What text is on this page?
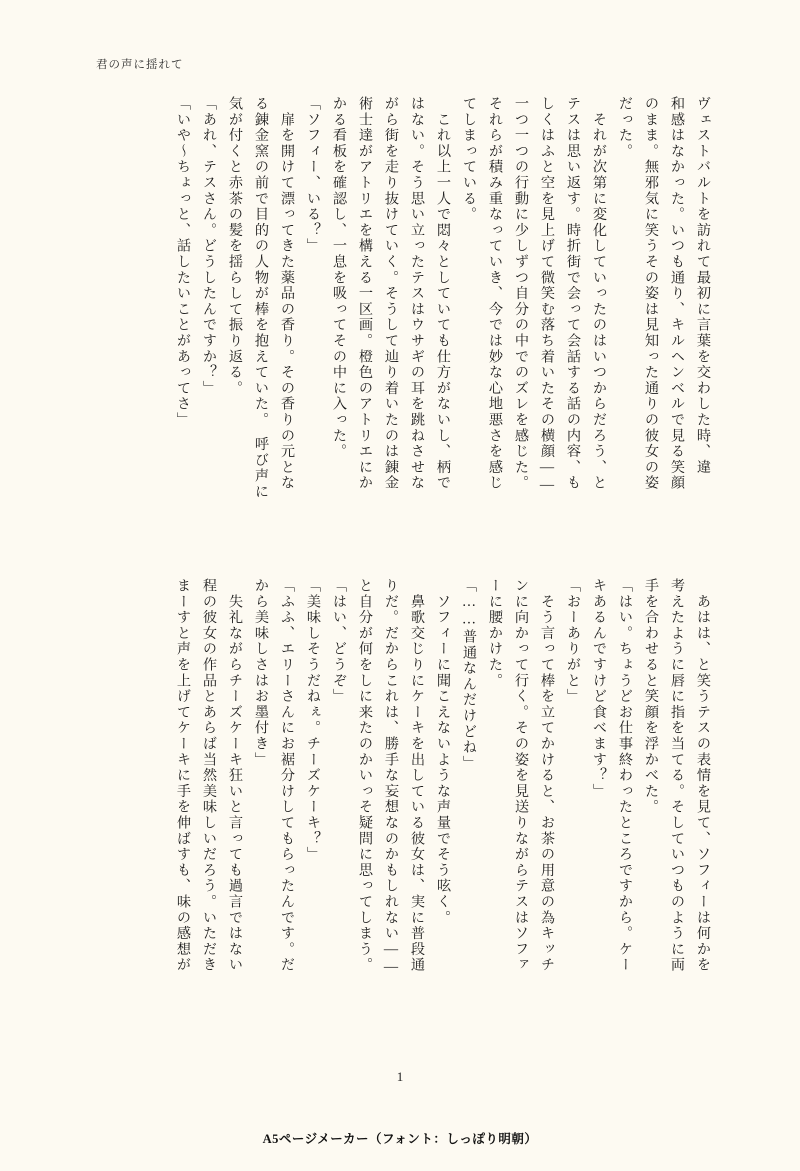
君の声に揺れて
ヴェストバルトを訪れて最初に言葉を交わした時、違
和感はなかった。いつも通り、キルヘンベルで見る笑顔
のまま。無邪気に笑うその姿は見知った通りの彼女の姿
だった。
　それが次第に変化していったのはいつからだろう、と
テスは思い返す。時折街で会って会話する話の内容、も
しくはふと空を見上げて微笑む落ち着いたその横顔——
一つ一つの行動に少しずつ自分の中でのズレを感じた。
それらが積み重なっていき、今では妙な心地悪さを感じ
てしまっている。
　これ以上一人で悶々としていても仕方がないし、柄で
はない。そう思い立ったテスはウサギの耳を跳ねさせな
がら街を走り抜けていく。そうして辿り着いたのは錬金
術士達がアトリエを構える一区画。橙色のアトリエにか
かる看板を確認し、一息を吸ってその中に入った。
「ソフィー、いる？」
　扉を開けて漂ってきた薬品の香り。その香りの元とな
る錬金窯の前で目的の人物が棒を抱えていた。　呼び声に
気が付くと赤茶の髪を揺らして振り返る。
「あれ、テスさん。どうしたんですか？」
「いや～ちょっと、話したいことがあってさ」
　あはは、と笑うテスの表情を見て、ソフィーは何かを
考えたように唇に指を当てる。そしていつものように両
手を合わせると笑顔を浮かべた。
「はい。ちょうどお仕事終わったところですから。ケー
キあるんですけど食べます？」
「おーありがと」
　そう言って棒を立てかけると、お茶の用意の為キッチ
ンに向かって行く。その姿を見送りながらテスはソファ
ーに腰かけた。
「……普通なんだけどね」
　ソフィーに聞こえないような声量でそう呟く。
　鼻歌交じりにケーキを出している彼女は、実に普段通
りだ。だからこれは、勝手な妄想なのかもしれない——
と自分が何をしに来たのかいっそ疑問に思ってしまう。
「はい、どうぞ」
「美味しそうだねぇ。チーズケーキ？」
「ふふ、エリーさんにお裾分けしてもらったんです。だ
から美味しさはお墨付き」
　失礼ながらチーズケーキ狂いと言っても過言ではない
程の彼女の作品とあらば当然美味しいだろう。いただき
まーすと声を上げてケーキに手を伸ばすも、味の感想が
1
A5ページメーカー（フォント：しっぽり明朝）
